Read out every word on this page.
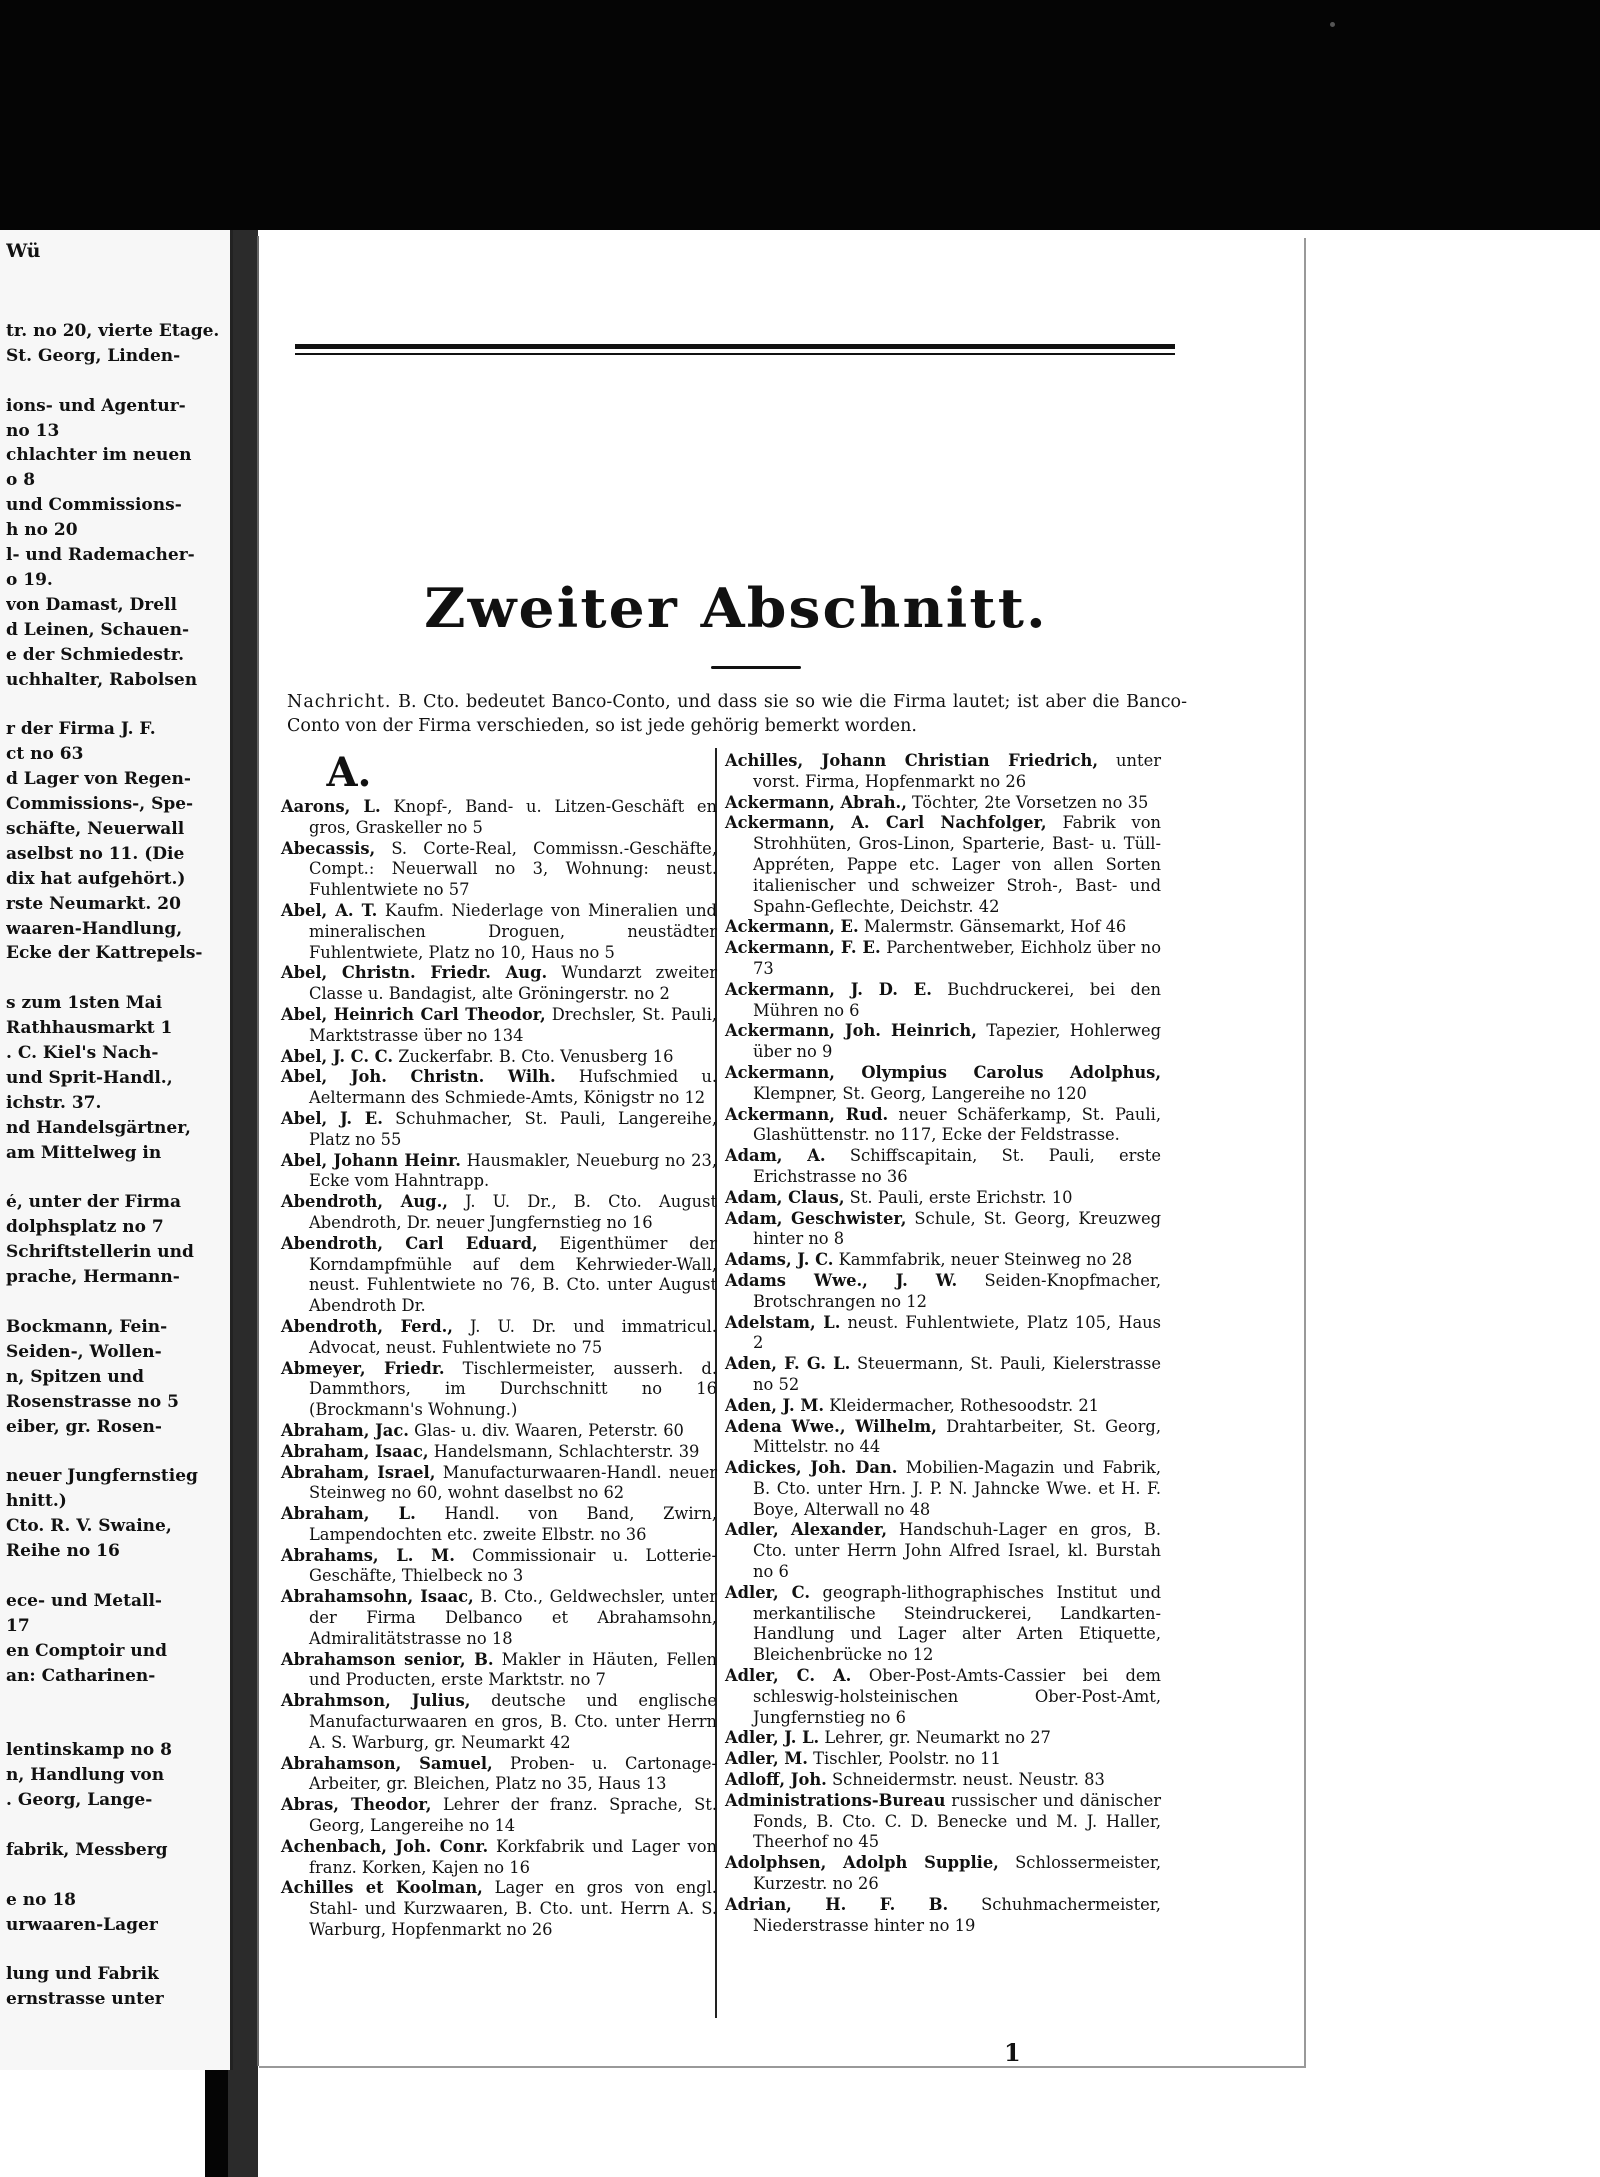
Wü
tr. no 20, vierte Etage.
St. Georg, Linden-
ions- und Agentur-
no 13
chlachter im neuen
o 8
und Commissions-
h no 20
l- und Rademacher-
o 19.
von Damast, Drell
d Leinen, Schauen-
e der Schmiedestr.
uchhalter, Rabolsen
r der Firma J. F.
ct no 63
d Lager von Regen-
Commissions-, Spe-
schäfte, Neuerwall
aselbst no 11. (Die
dix hat aufgehört.)
rste Neumarkt. 20
waaren-Handlung,
Ecke der Kattrepels-
s zum 1sten Mai
Rathhausmarkt 1
. C. Kiel's Nach-
und Sprit-Handl.,
ichstr. 37.
nd Handelsgärtner,
am Mittelweg in
é, unter der Firma
dolphsplatz no 7
Schriftstellerin und
prache, Hermann-
Bockmann, Fein-
Seiden-, Wollen-
n, Spitzen und
Rosenstrasse no 5
eiber, gr. Rosen-
neuer Jungfernstieg
hnitt.)
Cto. R. V. Swaine,
Reihe no 16
ece- und Metall-
17
en Comptoir und
an: Catharinen-
lentinskamp no 8
n, Handlung von
. Georg, Lange-
fabrik, Messberg
e no 18
urwaaren-Lager
lung und Fabrik
ernstrasse unter
Zweiter Abschnitt.
Nachricht. B. Cto. bedeutet Banco-Conto, und dass sie so wie die Firma lautet; ist aber die Banco-Conto von der Firma verschieden, so ist jede gehörig bemerkt worden.
A.
Aarons, L. Knopf-, Band- u. Litzen-Geschäft en gros, Graskeller no 5
Abecassis, S. Corte-Real, Commissn.-Geschäfte, Compt.: Neuerwall no 3, Wohnung: neust. Fuhlentwiete no 57
Abel, A. T. Kaufm. Niederlage von Mineralien und mineralischen Droguen, neustädter Fuhlentwiete, Platz no 10, Haus no 5
Abel, Christn. Friedr. Aug. Wundarzt zweiter Classe u. Bandagist, alte Gröningerstr. no 2
Abel, Heinrich Carl Theodor, Drechsler, St. Pauli, Marktstrasse über no 134
Abel, J. C. C. Zuckerfabr. B. Cto. Venusberg 16
Abel, Joh. Christn. Wilh. Hufschmied u. Aeltermann des Schmiede-Amts, Königstr no 12
Abel, J. E. Schuhmacher, St. Pauli, Langereihe, Platz no 55
Abel, Johann Heinr. Hausmakler, Neueburg no 23, Ecke vom Hahntrapp.
Abendroth, Aug., J. U. Dr., B. Cto. August Abendroth, Dr. neuer Jungfernstieg no 16
Abendroth, Carl Eduard, Eigenthümer der Korndampfmühle auf dem Kehrwieder-Wall, neust. Fuhlentwiete no 76, B. Cto. unter August Abendroth Dr.
Abendroth, Ferd., J. U. Dr. und immatricul. Advocat, neust. Fuhlentwiete no 75
Abmeyer, Friedr. Tischlermeister, ausserh. d. Dammthors, im Durchschnitt no 16 (Brockmann's Wohnung.)
Abraham, Jac. Glas- u. div. Waaren, Peterstr. 60
Abraham, Isaac, Handelsmann, Schlachterstr. 39
Abraham, Israel, Manufacturwaaren-Handl. neuer Steinweg no 60, wohnt daselbst no 62
Abraham, L. Handl. von Band, Zwirn, Lampendochten etc. zweite Elbstr. no 36
Abrahams, L. M. Commissionair u. Lotterie-Geschäfte, Thielbeck no 3
Abrahamsohn, Isaac, B. Cto., Geldwechsler, unter der Firma Delbanco et Abrahamsohn, Admiralitätstrasse no 18
Abrahamson senior, B. Makler in Häuten, Fellen und Producten, erste Marktstr. no 7
Abrahmson, Julius, deutsche und englische Manufacturwaaren en gros, B. Cto. unter Herrn A. S. Warburg, gr. Neumarkt 42
Abrahamson, Samuel, Proben- u. Cartonage-Arbeiter, gr. Bleichen, Platz no 35, Haus 13
Abras, Theodor, Lehrer der franz. Sprache, St. Georg, Langereihe no 14
Achenbach, Joh. Conr. Korkfabrik und Lager von franz. Korken, Kajen no 16
Achilles et Koolman, Lager en gros von engl. Stahl- und Kurzwaaren, B. Cto. unt. Herrn A. S. Warburg, Hopfenmarkt no 26
Achilles, Johann Christian Friedrich, unter vorst. Firma, Hopfenmarkt no 26
Ackermann, Abrah., Töchter, 2te Vorsetzen no 35
Ackermann, A. Carl Nachfolger, Fabrik von Strohhüten, Gros-Linon, Sparterie, Bast- u. Tüll-Appréten, Pappe etc. Lager von allen Sorten italienischer und schweizer Stroh-, Bast- und Spahn-Geflechte, Deichstr. 42
Ackermann, E. Malermstr. Gänsemarkt, Hof 46
Ackermann, F. E. Parchentweber, Eichholz über no 73
Ackermann, J. D. E. Buchdruckerei, bei den Mühren no 6
Ackermann, Joh. Heinrich, Tapezier, Hohlerweg über no 9
Ackermann, Olympius Carolus Adolphus, Klempner, St. Georg, Langereihe no 120
Ackermann, Rud. neuer Schäferkamp, St. Pauli, Glashüttenstr. no 117, Ecke der Feldstrasse.
Adam, A. Schiffscapitain, St. Pauli, erste Erichstrasse no 36
Adam, Claus, St. Pauli, erste Erichstr. 10
Adam, Geschwister, Schule, St. Georg, Kreuzweg hinter no 8
Adams, J. C. Kammfabrik, neuer Steinweg no 28
Adams Wwe., J. W. Seiden-Knopfmacher, Brotschrangen no 12
Adelstam, L. neust. Fuhlentwiete, Platz 105, Haus 2
Aden, F. G. L. Steuermann, St. Pauli, Kielerstrasse no 52
Aden, J. M. Kleidermacher, Rothesoodstr. 21
Adena Wwe., Wilhelm, Drahtarbeiter, St. Georg, Mittelstr. no 44
Adickes, Joh. Dan. Mobilien-Magazin und Fabrik, B. Cto. unter Hrn. J. P. N. Jahncke Wwe. et H. F. Boye, Alterwall no 48
Adler, Alexander, Handschuh-Lager en gros, B. Cto. unter Herrn John Alfred Israel, kl. Burstah no 6
Adler, C. geograph-lithographisches Institut und merkantilische Steindruckerei, Landkarten-Handlung und Lager alter Arten Etiquette, Bleichenbrücke no 12
Adler, C. A. Ober-Post-Amts-Cassier bei dem schleswig-holsteinischen Ober-Post-Amt, Jungfernstieg no 6
Adler, J. L. Lehrer, gr. Neumarkt no 27
Adler, M. Tischler, Poolstr. no 11
Adloff, Joh. Schneidermstr. neust. Neustr. 83
Administrations-Bureau russischer und dänischer Fonds, B. Cto. C. D. Benecke und M. J. Haller, Theerhof no 45
Adolphsen, Adolph Supplie, Schlossermeister, Kurzestr. no 26
Adrian, H. F. B. Schuhmachermeister, Niederstrasse hinter no 19
1
